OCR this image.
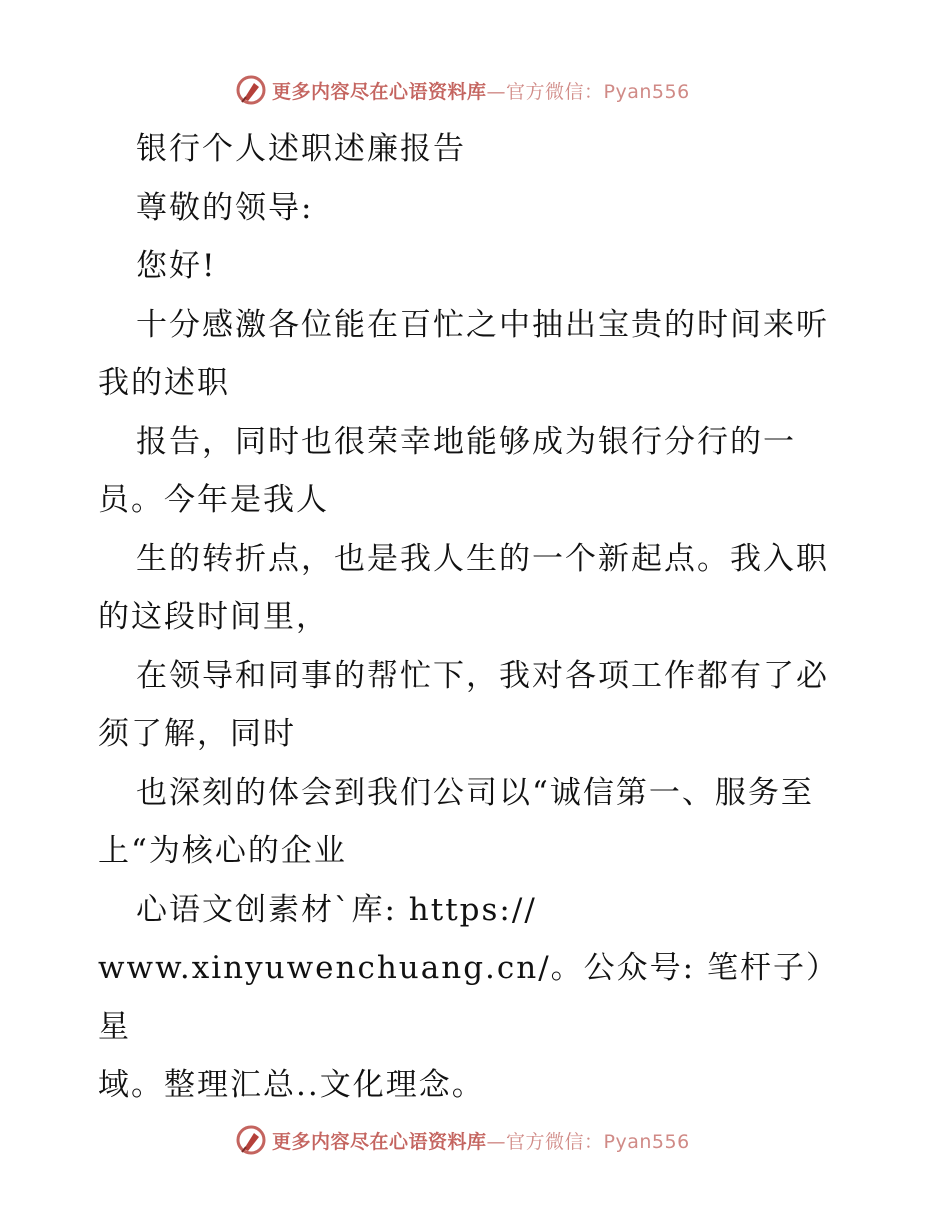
更多内容尽在心语资料库—官方微信：Pyan556

银行个人述职述廉报告

尊敬的领导:

您好!

十分感激各位能在百忙之中抽出宝贵的时间来听

我的述职

报告，同时也很荣幸地能够成为银行分行的一

员。今年是我人

生的转折点，也是我人生的一个新起点。我入职

的这段时间里，

在领导和同事的帮忙下，我对各项工作都有了必

须了解，同时

也深刻的体会到我们公司以“诚信第一、服务至

上“为核心的企业

心语文创素材`库: https://

www.xinyuwenchuang.cn/。公众号: 笔杆子）星

域。整理汇总..文化理念。

更多内容尽在心语资料库—官方微信：Pyan556
